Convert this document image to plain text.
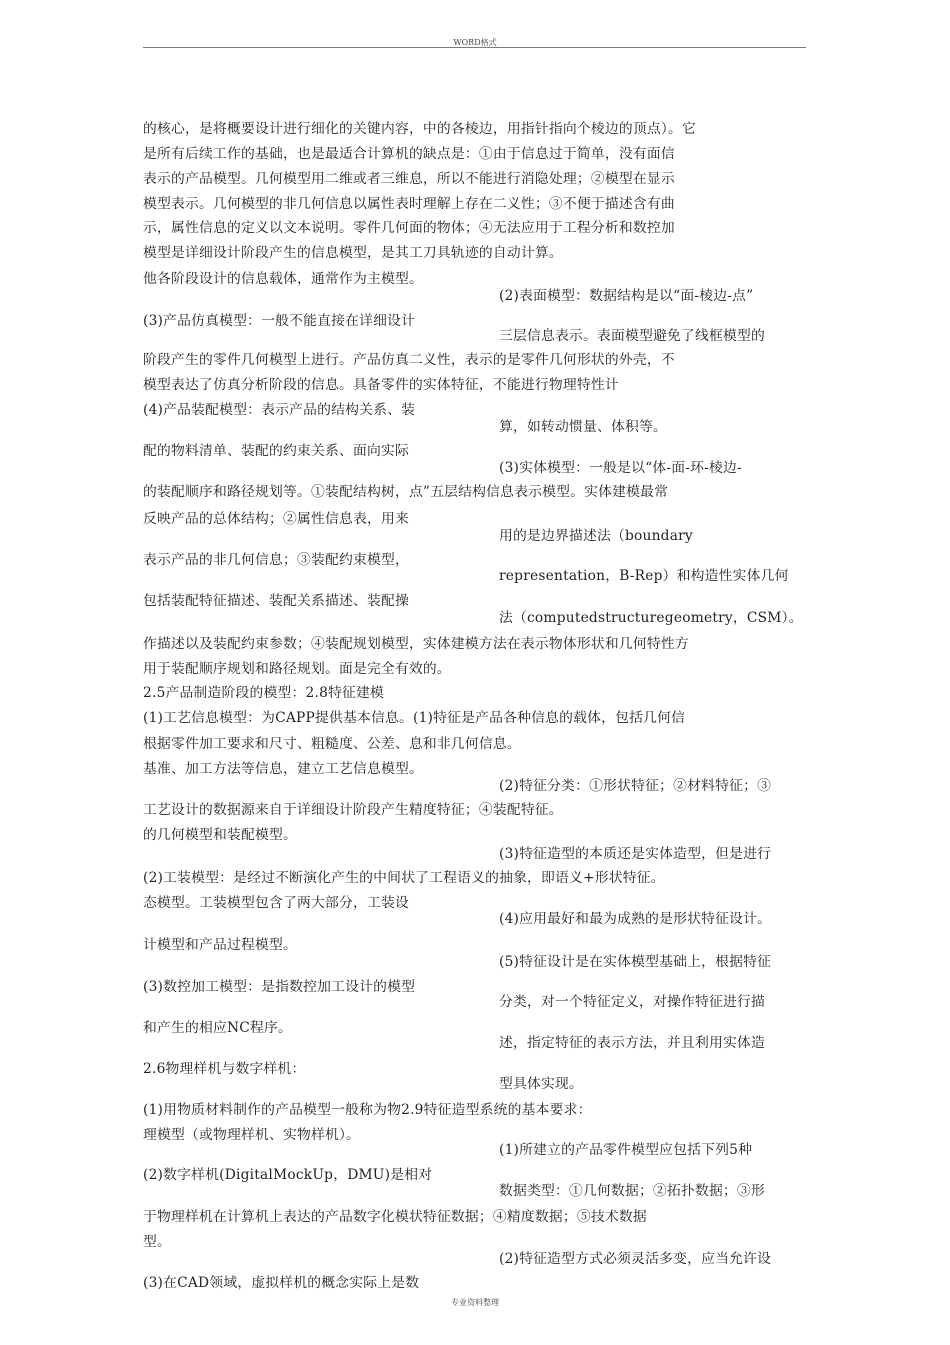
WORD格式
的核心，是将概要设计进行细化的关键内容，中的各棱边，用指针指向个棱边的顶点）。它
是所有后续工作的基础，也是最适合计算机的缺点是：①由于信息过于简单，没有面信
表示的产品模型。几何模型用二维或者三维息，所以不能进行消隐处理；②模型在显示
模型表示。几何模型的非几何信息以属性表时理解上存在二义性；③不便于描述含有曲
示，属性信息的定义以文本说明。零件几何面的物体；④无法应用于工程分析和数控加
模型是详细设计阶段产生的信息模型，是其工刀具轨迹的自动计算。
他各阶段设计的信息载体，通常作为主模型。
(2)表面模型：数据结构是以“面-棱边-点”
(3)产品仿真模型：一般不能直接在详细设计
三层信息表示。表面模型避免了线框模型的
阶段产生的零件几何模型上进行。产品仿真二义性，表示的是零件几何形状的外壳，不
模型表达了仿真分析阶段的信息。具备零件的实体特征，不能进行物理特性计
(4)产品装配模型：表示产品的结构关系、装
算，如转动惯量、体积等。
配的物料清单、装配的约束关系、面向实际
(3)实体模型：一般是以“体-面-环-棱边-
的装配顺序和路径规划等。①装配结构树，点”五层结构信息表示模型。实体建模最常
反映产品的总体结构；②属性信息表，用来
用的是边界描述法（boundary
表示产品的非几何信息；③装配约束模型，
representation，B-Rep）和构造性实体几何
包括装配特征描述、装配关系描述、装配操
法（computedstructuregeometry，CSM）。
作描述以及装配约束参数；④装配规划模型，实体建模方法在表示物体形状和几何特性方
用于装配顺序规划和路径规划。面是完全有效的。
2.5产品制造阶段的模型：2.8特征建模
(1)工艺信息模型：为CAPP提供基本信息。(1)特征是产品各种信息的载体，包括几何信
根据零件加工要求和尺寸、粗糙度、公差、息和非几何信息。
基准、加工方法等信息，建立工艺信息模型。
(2)特征分类：①形状特征；②材料特征；③
工艺设计的数据源来自于详细设计阶段产生精度特征；④装配特征。
的几何模型和装配模型。
(3)特征造型的本质还是实体造型，但是进行
(2)工装模型：是经过不断演化产生的中间状了工程语义的抽象，即语义+形状特征。
态模型。工装模型包含了两大部分，工装设
(4)应用最好和最为成熟的是形状特征设计。
计模型和产品过程模型。
(5)特征设计是在实体模型基础上，根据特征
(3)数控加工模型：是指数控加工设计的模型
分类，对一个特征定义，对操作特征进行描
和产生的相应NC程序。
述，指定特征的表示方法，并且利用实体造
2.6物理样机与数字样机：
型具体实现。
(1)用物质材料制作的产品模型一般称为物2.9特征造型系统的基本要求：
理模型（或物理样机、实物样机）。
(1)所建立的产品零件模型应包括下列5种
(2)数字样机(DigitalMockUp，DMU)是相对
数据类型：①几何数据；②拓扑数据；③形
于物理样机在计算机上表达的产品数字化模状特征数据；④精度数据；⑤技术数据
型。
(2)特征造型方式必须灵活多变，应当允许设
(3)在CAD领域，虚拟样机的概念实际上是数
专业资料整理
